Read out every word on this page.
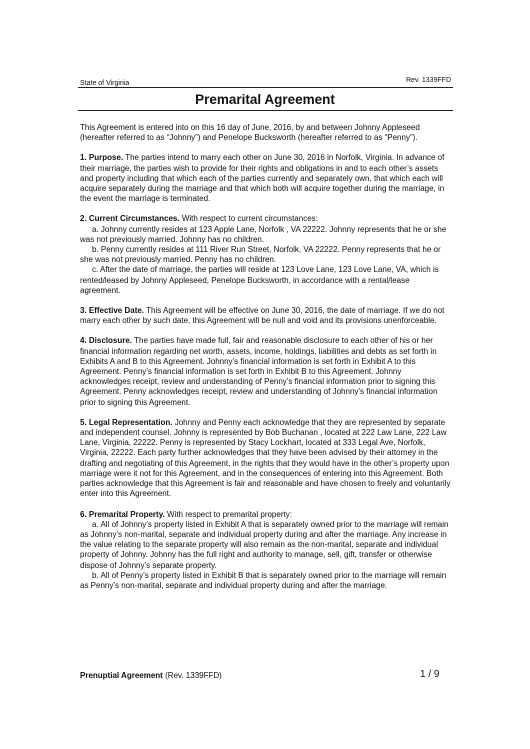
State of Virginia	Rev. 1339FFD
Premarital Agreement

This Agreement is entered into on this 16 day of June, 2016, by and between Johnny Appleseed (hereafter referred to as “Johnny”) and Penelope Bucksworth (hereafter referred to as “Penny”).

1. Purpose. The parties intend to marry each other on June 30, 2016 in Norfolk, Virginia. In advance of their marriage, the parties wish to provide for their rights and obligations in and to each other’s assets and property including that which each of the parties currently and separately own, that which each will acquire separately during the marriage and that which both will acquire together during the marriage, in the event the marriage is terminated.

2. Current Circumstances. With respect to current circumstances:

a. Johnny currently resides at 123 Apple Lane, Norfolk , VA 22222. Johnny represents that he or she was not previously married. Johnny has no children.

b. Penny currently resides at 111 River Run Street, Norfolk, VA 22222. Penny represents that he or she was not previously married. Penny has no children.

c. After the date of marriage, the parties will reside at 123 Love Lane, 123 Love Lane, VA, which is rented/leased by Johnny Appleseed, Penelope Bucksworth, in accordance with a rental/lease agreement.

3. Effective Date. This Agreement will be effective on June 30, 2016, the date of marriage. If we do not marry each other by such date, this Agreement will be null and void and its provisions unenforceable.

4. Disclosure. The parties have made full, fair and reasonable disclosure to each other of his or her financial information regarding net worth, assets, income, holdings, liabilities and debts as set forth in Exhibits A and B to this Agreement. Johnny’s financial information is set forth in Exhibit A to this Agreement. Penny’s financial information is set forth in Exhibit B to this Agreement. Johnny acknowledges receipt, review and understanding of Penny’s financial information prior to signing this Agreement. Penny acknowledges receipt, review and understanding of Johnny’s financial information prior to signing this Agreement.

5. Legal Representation. Johnny and Penny each acknowledge that they are represented by separate and independent counsel. Johnny is represented by Bob Buchanan , located at 222 Law Lane, 222 Law Lane, Virginia, 22222. Penny is represented by Stacy Lockhart, located at 333 Legal Ave, Norfolk, Virginia, 22222. Each party further acknowledges that they have been advised by their attorney in the drafting and negotiating of this Agreement, in the rights that they would have in the other’s property upon marriage were it not for this Agreement, and in the consequences of entering into this Agreement. Both parties acknowledge that this Agreement is fair and reasonable and have chosen to freely and voluntarily enter into this Agreement.

6. Premarital Property. With respect to premarital property:

a. All of Johnny’s property listed in Exhibit A that is separately owned prior to the marriage will remain as Johnny’s non-marital, separate and individual property during and after the marriage. Any increase in the value relating to the separate property will also remain as the non-marital, separate and individual property of Johnny. Johnny has the full right and authority to manage, sell, gift, transfer or otherwise dispose of Johnny’s separate property.

b. All of Penny’s property listed in Exhibit B that is separately owned prior to the marriage will remain as Penny’s non-marital, separate and individual property during and after the marriage.

Prenuptial Agreement (Rev. 1339FFD)	1 / 9
